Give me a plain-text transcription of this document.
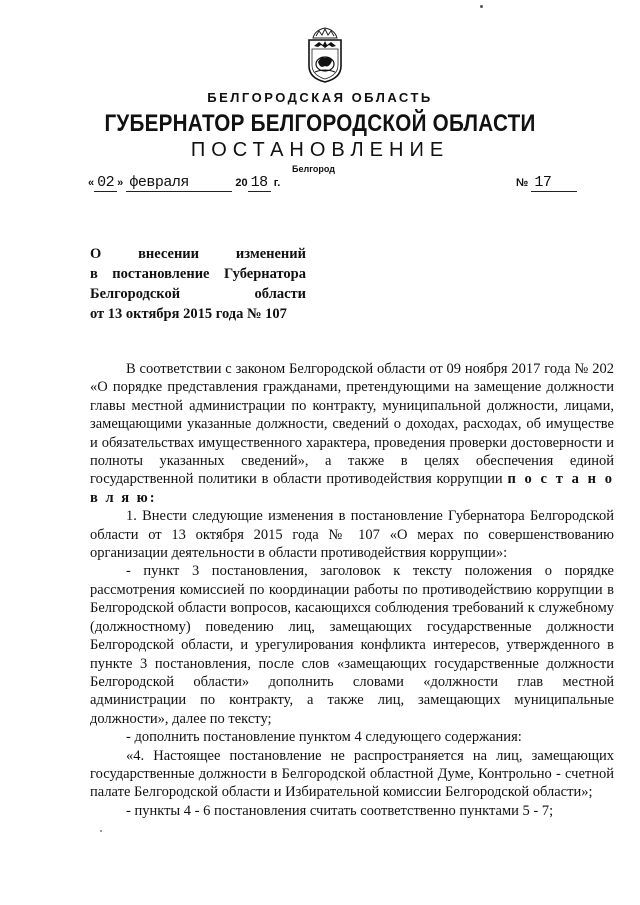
БЕЛГОРОДСКАЯ ОБЛАСТЬ
ГУБЕРНАТОР БЕЛГОРОДСКОЙ ОБЛАСТИ
ПОСТАНОВЛЕНИЕ
Белгород
« 02 » февраля	20 18 г.	№ 17
О внесении изменений
в постановление Губернатора
Белгородской области
от 13 октября 2015 года № 107

В соответствии с законом Белгородской области от 09 ноября 2017 года № 202 «О порядке представления гражданами, претендующими на замещение должности главы местной администрации по контракту, муниципальной должности, лицами, замещающими указанные должности, сведений о доходах, расходах, об имуществе и обязательствах имущественного характера, проведения проверки достоверности и полноты указанных сведений», а также в целях обеспечения единой государственной политики в области противодействия коррупции п о с т а н о в л я ю:

1. Внести следующие изменения в постановление Губернатора Белгородской области от 13 октября 2015 года № 107 «О мерах по совершенствованию организации деятельности в области противодействия коррупции»:

- пункт 3 постановления, заголовок к тексту положения о порядке рассмотрения комиссией по координации работы по противодействию коррупции в Белгородской области вопросов, касающихся соблюдения требований к служебному (должностному) поведению лиц, замещающих государственные должности Белгородской области, и урегулирования конфликта интересов, утвержденного в пункте 3 постановления, после слов «замещающих государственные должности Белгородской области» дополнить словами «должности глав местной администрации по контракту, а также лиц, замещающих муниципальные должности», далее по тексту;

- дополнить постановление пунктом 4 следующего содержания:

«4. Настоящее постановление не распространяется на лиц, замещающих государственные должности в Белгородской областной Думе, Контрольно - счетной палате Белгородской области и Избирательной комиссии Белгородской области»;

- пункты 4 - 6 постановления считать соответственно пунктами 5 - 7;
